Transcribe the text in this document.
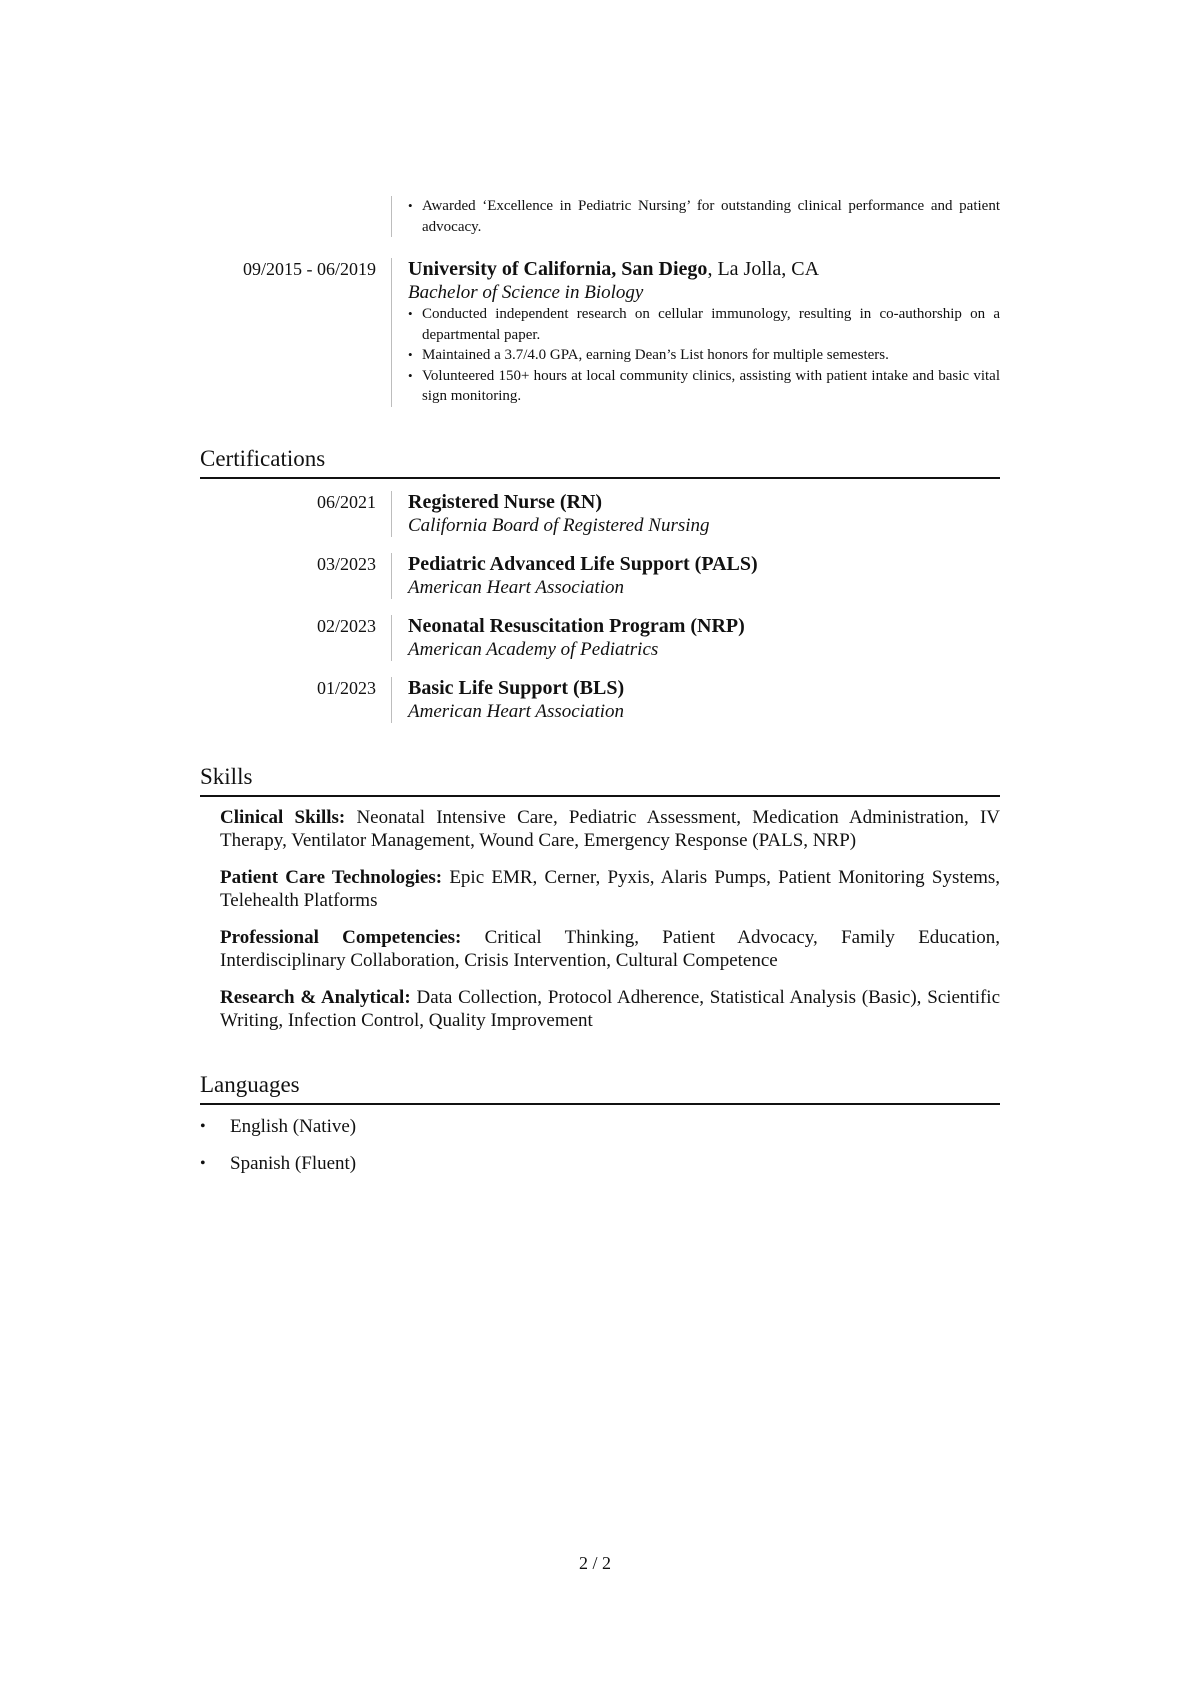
• Awarded ‘Excellence in Pediatric Nursing’ for outstanding clinical performance and patient advocacy.
09/2015 - 06/2019	University of California, San Diego, La Jolla, CA
Bachelor of Science in Biology
• Conducted independent research on cellular immunology, resulting in co-authorship on a departmental paper.
• Maintained a 3.7/4.0 GPA, earning Dean’s List honors for multiple semesters.
• Volunteered 150+ hours at local community clinics, assisting with patient intake and basic vital sign monitoring.
Certifications
06/2021	Registered Nurse (RN)
California Board of Registered Nursing
03/2023	Pediatric Advanced Life Support (PALS)
American Heart Association
02/2023	Neonatal Resuscitation Program (NRP)
American Academy of Pediatrics
01/2023	Basic Life Support (BLS)
American Heart Association
Skills
Clinical Skills: Neonatal Intensive Care, Pediatric Assessment, Medication Administration, IV Therapy, Ventilator Management, Wound Care, Emergency Response (PALS, NRP)
Patient Care Technologies: Epic EMR, Cerner, Pyxis, Alaris Pumps, Patient Monitoring Systems, Telehealth Platforms
Professional Competencies: Critical Thinking, Patient Advocacy, Family Education, Interdisciplinary Collaboration, Crisis Intervention, Cultural Competence
Research & Analytical: Data Collection, Protocol Adherence, Statistical Analysis (Basic), Scientific Writing, Infection Control, Quality Improvement
Languages
• English (Native)
• Spanish (Fluent)
2 / 2
